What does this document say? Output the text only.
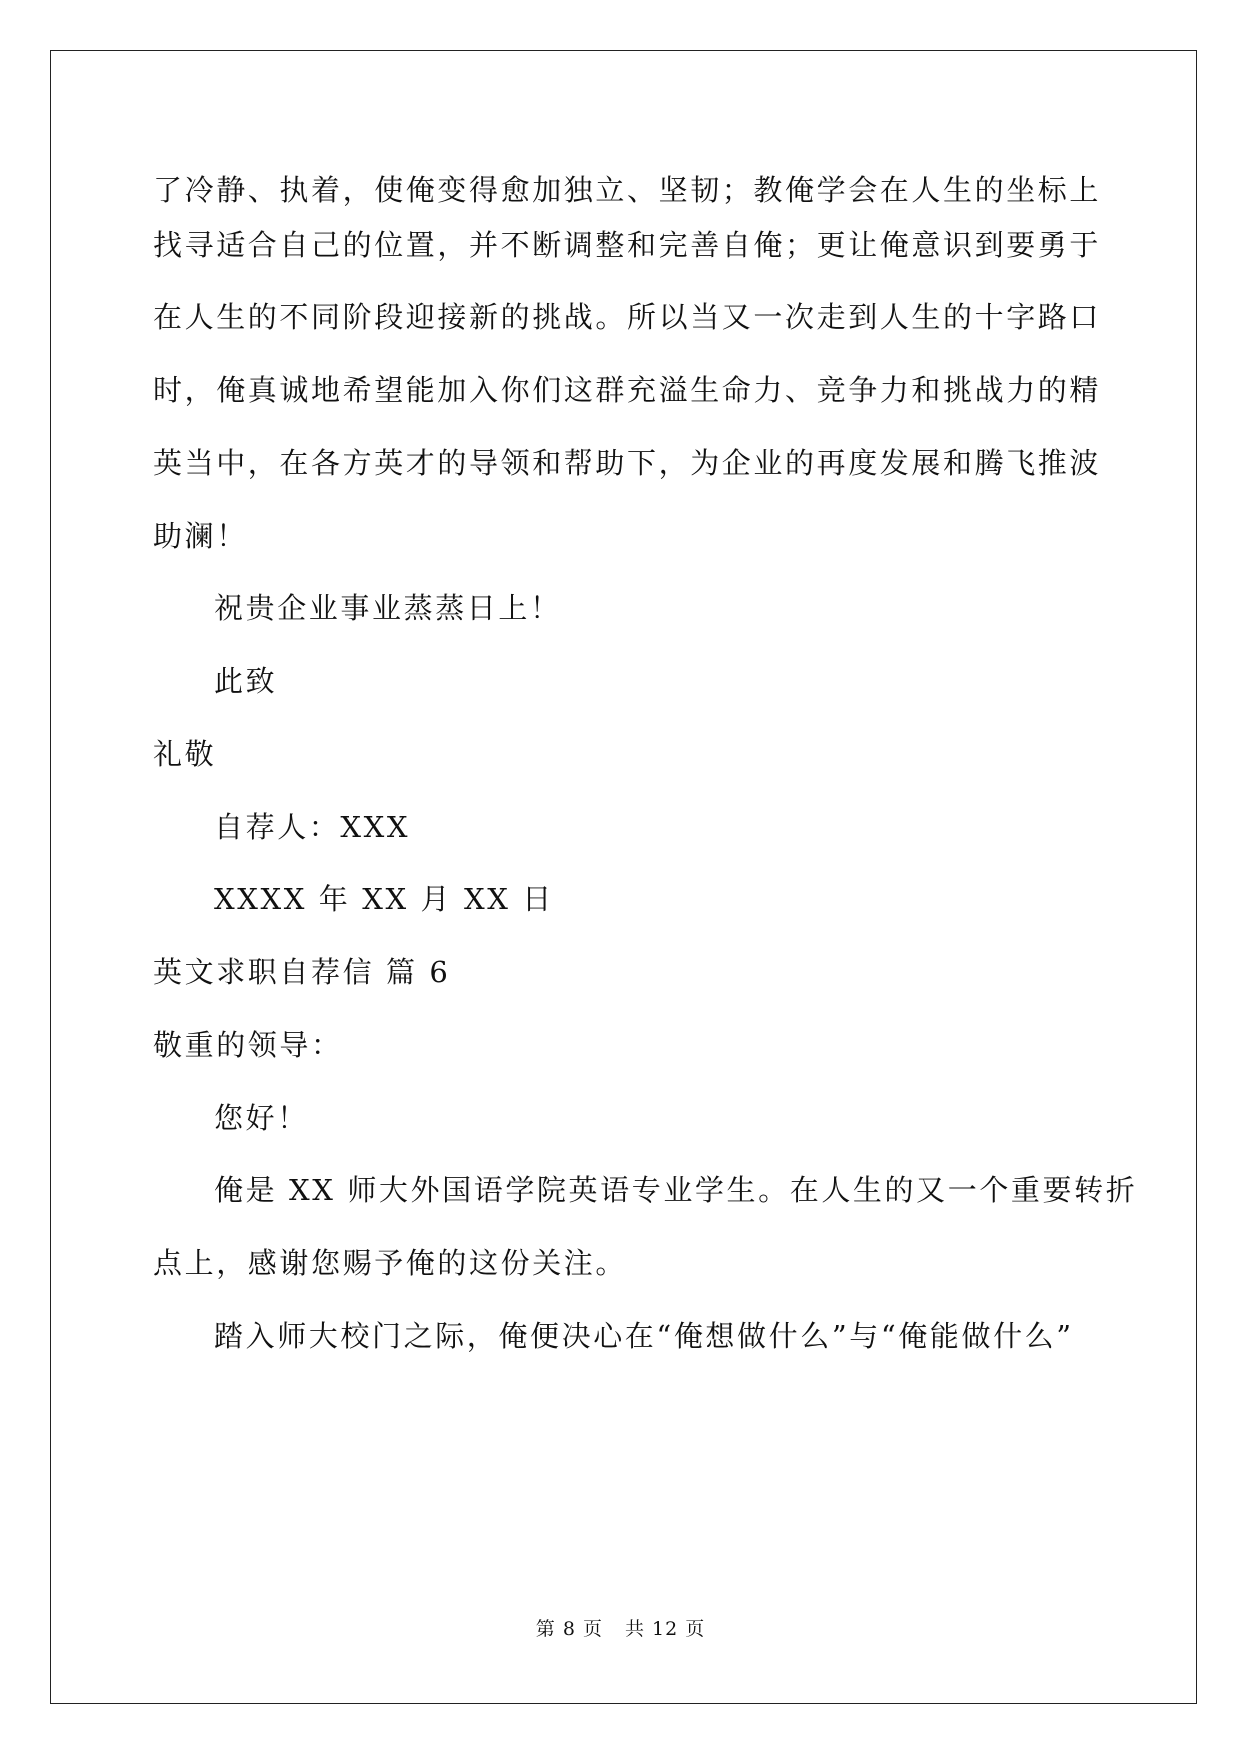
了冷静、执着，使俺变得愈加独立、坚韧；教俺学会在人生的坐标上
找寻适合自己的位置，并不断调整和完善自俺；更让俺意识到要勇于
在人生的不同阶段迎接新的挑战。所以当又一次走到人生的十字路口
时，俺真诚地希望能加入你们这群充溢生命力、竞争力和挑战力的精
英当中，在各方英才的导领和帮助下，为企业的再度发展和腾飞推波
助澜！
祝贵企业事业蒸蒸日上！
此致
礼敬
自荐人：XXX
XXXX 年 XX 月 XX 日
英文求职自荐信 篇 6
敬重的领导：
您好！
俺是 XX 师大外国语学院英语专业学生。在人生的又一个重要转折
点上，感谢您赐予俺的这份关注。
踏入师大校门之际，俺便决心在“俺想做什么”与“俺能做什么”
第 8 页 共 12 页
